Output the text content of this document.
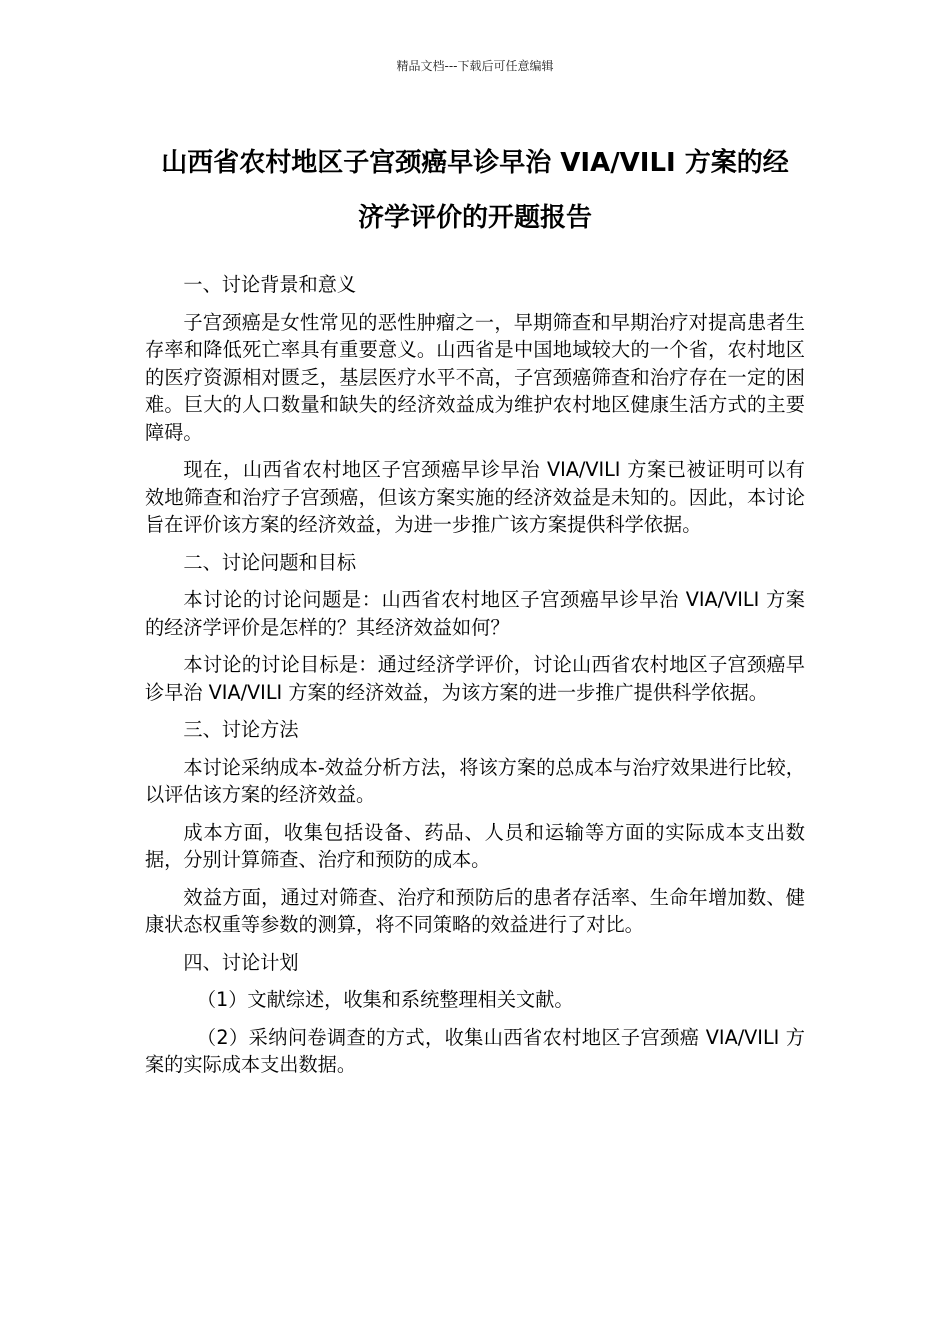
精品文档---下载后可任意编辑
山西省农村地区子宫颈癌早诊早治 VIA/VILI 方案的经
济学评价的开题报告

一、讨论背景和意义

子宫颈癌是女性常见的恶性肿瘤之一，早期筛查和早期治疗对提高患者生存率和降低死亡率具有重要意义。山西省是中国地域较大的一个省，农村地区的医疗资源相对匮乏，基层医疗水平不高，子宫颈癌筛查和治疗存在一定的困难。巨大的人口数量和缺失的经济效益成为维护农村地区健康生活方式的主要障碍。

现在，山西省农村地区子宫颈癌早诊早治 VIA/VILI 方案已被证明可以有效地筛查和治疗子宫颈癌，但该方案实施的经济效益是未知的。因此，本讨论旨在评价该方案的经济效益，为进一步推广该方案提供科学依据。

二、讨论问题和目标

本讨论的讨论问题是：山西省农村地区子宫颈癌早诊早治 VIA/VILI 方案的经济学评价是怎样的？其经济效益如何？

本讨论的讨论目标是：通过经济学评价，讨论山西省农村地区子宫颈癌早诊早治 VIA/VILI 方案的经济效益，为该方案的进一步推广提供科学依据。

三、讨论方法

本讨论采纳成本-效益分析方法，将该方案的总成本与治疗效果进行比较，以评估该方案的经济效益。

成本方面，收集包括设备、药品、人员和运输等方面的实际成本支出数据，分别计算筛查、治疗和预防的成本。

效益方面，通过对筛查、治疗和预防后的患者存活率、生命年增加数、健康状态权重等参数的测算，将不同策略的效益进行了对比。

四、讨论计划

（1）文献综述，收集和系统整理相关文献。

（2）采纳问卷调查的方式，收集山西省农村地区子宫颈癌 VIA/VILI 方案的实际成本支出数据。
